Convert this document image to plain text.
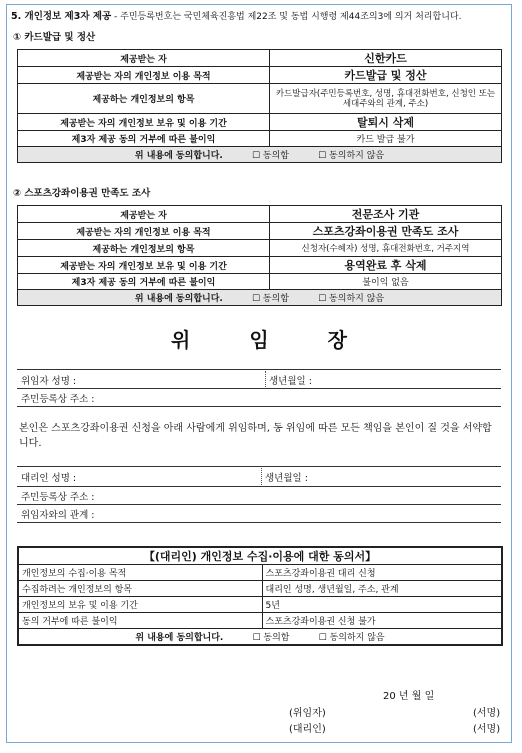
5. 개인정보 제3자 제공 - 주민등록번호는 국민체육진흥법 제22조 및 동법 시행령 제44조의3에 의거 처리합니다.
① 카드발급 및 정산
제공받는 자	신한카드
제공받는 자의 개인정보 이용 목적	카드발급 및 정산
제공하는 개인정보의 항목	카드발급자(주민등록번호, 성명, 휴대전화번호, 신청인 또는 세대주와의 관계, 주소)
제공받는 자의 개인정보 보유 및 이용 기간	탈퇴시 삭제
제3자 제공 동의 거부에 따른 불이익	카드 발급 불가
위 내용에 동의합니다. ☐ 동의함 ☐ 동의하지 않음	
② 스포츠강좌이용권 만족도 조사
제공받는 자	전문조사 기관
제공받는 자의 개인정보 이용 목적	스포츠강좌이용권 만족도 조사
제공하는 개인정보의 항목	신청자(수혜자) 성명, 휴대전화번호, 거주지역
제공받는 자의 개인정보 보유 및 이용 기간	용역완료 후 삭제
제3자 제공 동의 거부에 따른 불이익	불이익 없음
위 내용에 동의합니다. ☐ 동의함 ☐ 동의하지 않음	
위 임 장
위임자 성명 :	생년월일 :
주민등록상 주소 :
본인은 스포츠강좌이용권 신청을 아래 사람에게 위임하며, 동 위임에 따른 모든 책임을 본인이 질 것을 서약합니다.
대리인 성명 :	생년월일 :
주민등록상 주소 :
위임자와의 관계 :
【(대리인) 개인정보 수집·이용에 대한 동의서】	
개인정보의 수집·이용 목적	스포츠강좌이용권 대리 신청
수집하려는 개인정보의 항목	대리인 성명, 생년월일, 주소, 관계
개인정보의 보유 및 이용 기간	5년
동의 거부에 따른 불이익	스포츠강좌이용권 신청 불가
위 내용에 동의합니다. ☐ 동의함 ☐ 동의하지 않음	
20 년 월 일
(위임자)	(서명)
(대리인)	(서명)
